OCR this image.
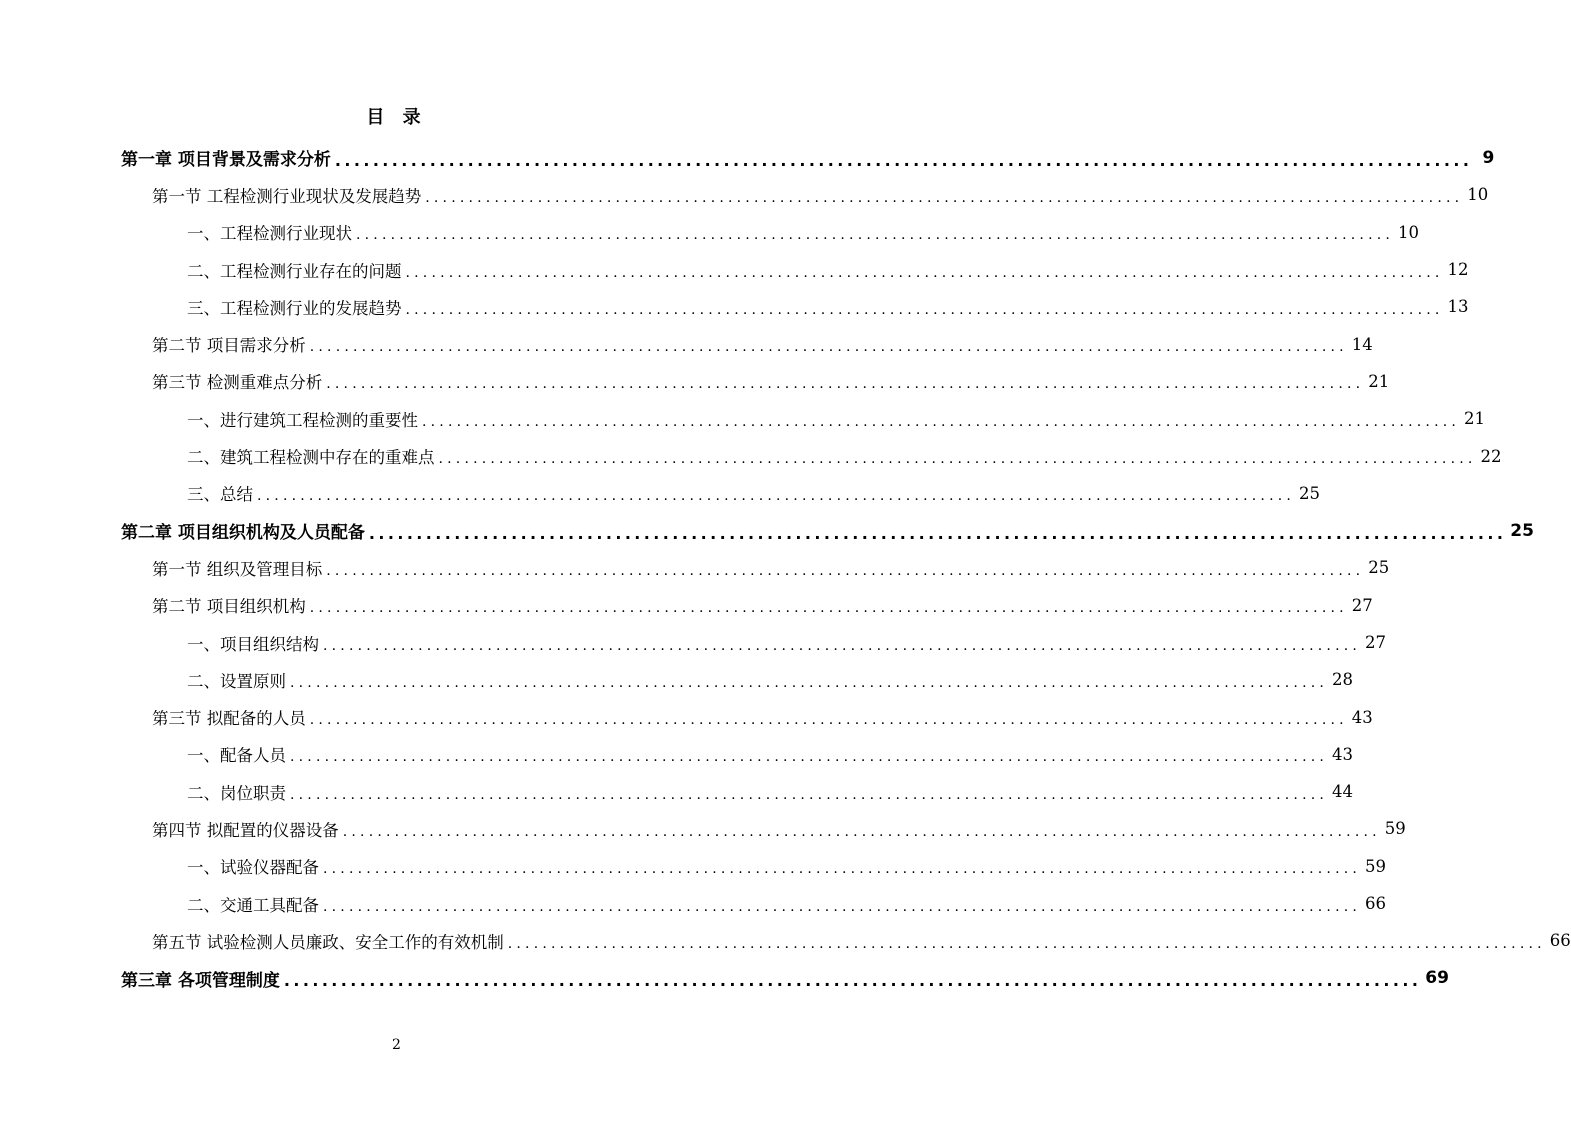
目 录
第一章 项目背景及需求分析 ........................................................................................................................ 9
第一节 工程检测行业现状及发展趋势 ........................................................................................................................ 10
一、工程检测行业现状 ........................................................................................................................ 10
二、工程检测行业存在的问题 ........................................................................................................................ 12
三、工程检测行业的发展趋势 ........................................................................................................................ 13
第二节 项目需求分析 ........................................................................................................................ 14
第三节 检测重难点分析 ........................................................................................................................ 21
一、进行建筑工程检测的重要性 ........................................................................................................................ 21
二、建筑工程检测中存在的重难点 ........................................................................................................................ 22
三、总结 ........................................................................................................................ 25
第二章 项目组织机构及人员配备 ........................................................................................................................ 25
第一节 组织及管理目标 ........................................................................................................................ 25
第二节 项目组织机构 ........................................................................................................................ 27
一、项目组织结构 ........................................................................................................................ 27
二、设置原则 ........................................................................................................................ 28
第三节 拟配备的人员 ........................................................................................................................ 43
一、配备人员 ........................................................................................................................ 43
二、岗位职责 ........................................................................................................................ 44
第四节 拟配置的仪器设备 ........................................................................................................................ 59
一、试验仪器配备 ........................................................................................................................ 59
二、交通工具配备 ........................................................................................................................ 66
第五节 试验检测人员廉政、安全工作的有效机制 ........................................................................................................................ 66
第三章 各项管理制度 ........................................................................................................................ 69
2
